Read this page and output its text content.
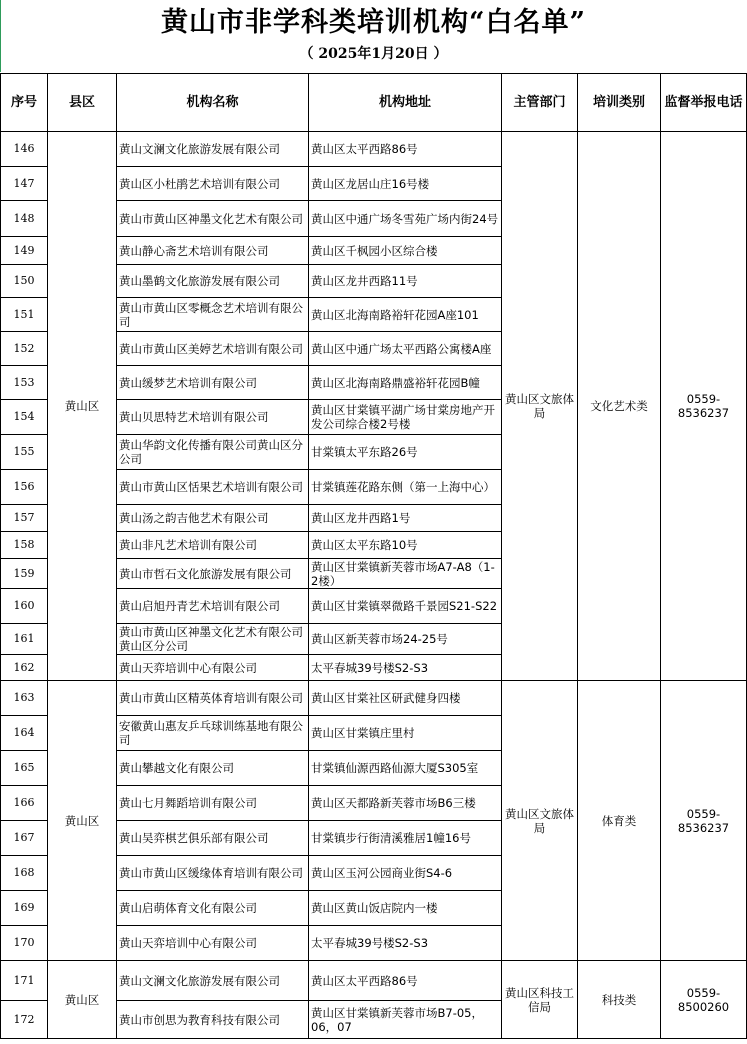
黄山市非学科类培训机构“白名单”
（ 2025年1月20日 ）
序号	县区	机构名称	机构地址	主管部门	培训类别	监督举报电话
146	黄山区	黄山文澜文化旅游发展有限公司	黄山区太平西路86号	黄山区文旅体局	文化艺术类	0559-8536237
147		黄山区小杜鹃艺术培训有限公司	黄山区龙居山庄16号楼			
148		黄山市黄山区神墨文化艺术有限公司	黄山区中通广场冬雪苑广场内街24号			
149		黄山静心斋艺术培训有限公司	黄山区千枫园小区综合楼			
150		黄山墨鹤文化旅游发展有限公司	黄山区龙井西路11号			
151		黄山市黄山区零概念艺术培训有限公司	黄山区北海南路裕轩花园A座101			
152		黄山市黄山区美婷艺术培训有限公司	黄山区中通广场太平西路公寓楼A座			
153		黄山缓梦艺术培训有限公司	黄山区北海南路鼎盛裕轩花园B幢			
154		黄山贝思特艺术培训有限公司	黄山区甘棠镇平湖广场甘棠房地产开发公司综合楼2号楼			
155		黄山华韵文化传播有限公司黄山区分公司	甘棠镇太平东路26号			
156		黄山市黄山区恬果艺术培训有限公司	甘棠镇莲花路东侧（第一上海中心）			
157		黄山汤之韵吉他艺术有限公司	黄山区龙井西路1号			
158		黄山非凡艺术培训有限公司	黄山区太平东路10号			
159		黄山市哲石文化旅游发展有限公司	黄山区甘棠镇新芙蓉市场A7-A8（1-2楼）			
160		黄山启旭丹青艺术培训有限公司	黄山区甘棠镇翠微路千景园S21-S22			
161		黄山市黄山区神墨文化艺术有限公司黄山区分公司	黄山区新芙蓉市场24-25号			
162		黄山天弈培训中心有限公司	太平春城39号楼S2-S3			
163	黄山区	黄山市黄山区精英体育培训有限公司	黄山区甘棠社区研武健身四楼	黄山区文旅体局	体育类	0559-8536237
164		安徽黄山惠友乒乓球训练基地有限公司	黄山区甘棠镇庄里村			
165		黄山攀越文化有限公司	甘棠镇仙源西路仙源大厦S305室			
166		黄山七月舞蹈培训有限公司	黄山区天都路新芙蓉市场B6三楼			
167		黄山吴弈棋艺俱乐部有限公司	甘棠镇步行街清溪雅居1幢16号			
168		黄山市黄山区缓缘体育培训有限公司	黄山区玉河公园商业街S4-6			
169		黄山启萌体育文化有限公司	黄山区黄山饭店院内一楼			
170		黄山天弈培训中心有限公司	太平春城39号楼S2-S3			
171	黄山区	黄山文澜文化旅游发展有限公司	黄山区太平西路86号	黄山区科技工信局	科技类	0559-8500260
172		黄山市创思为教育科技有限公司	黄山区甘棠镇新芙蓉市场B7-05，06，07			
